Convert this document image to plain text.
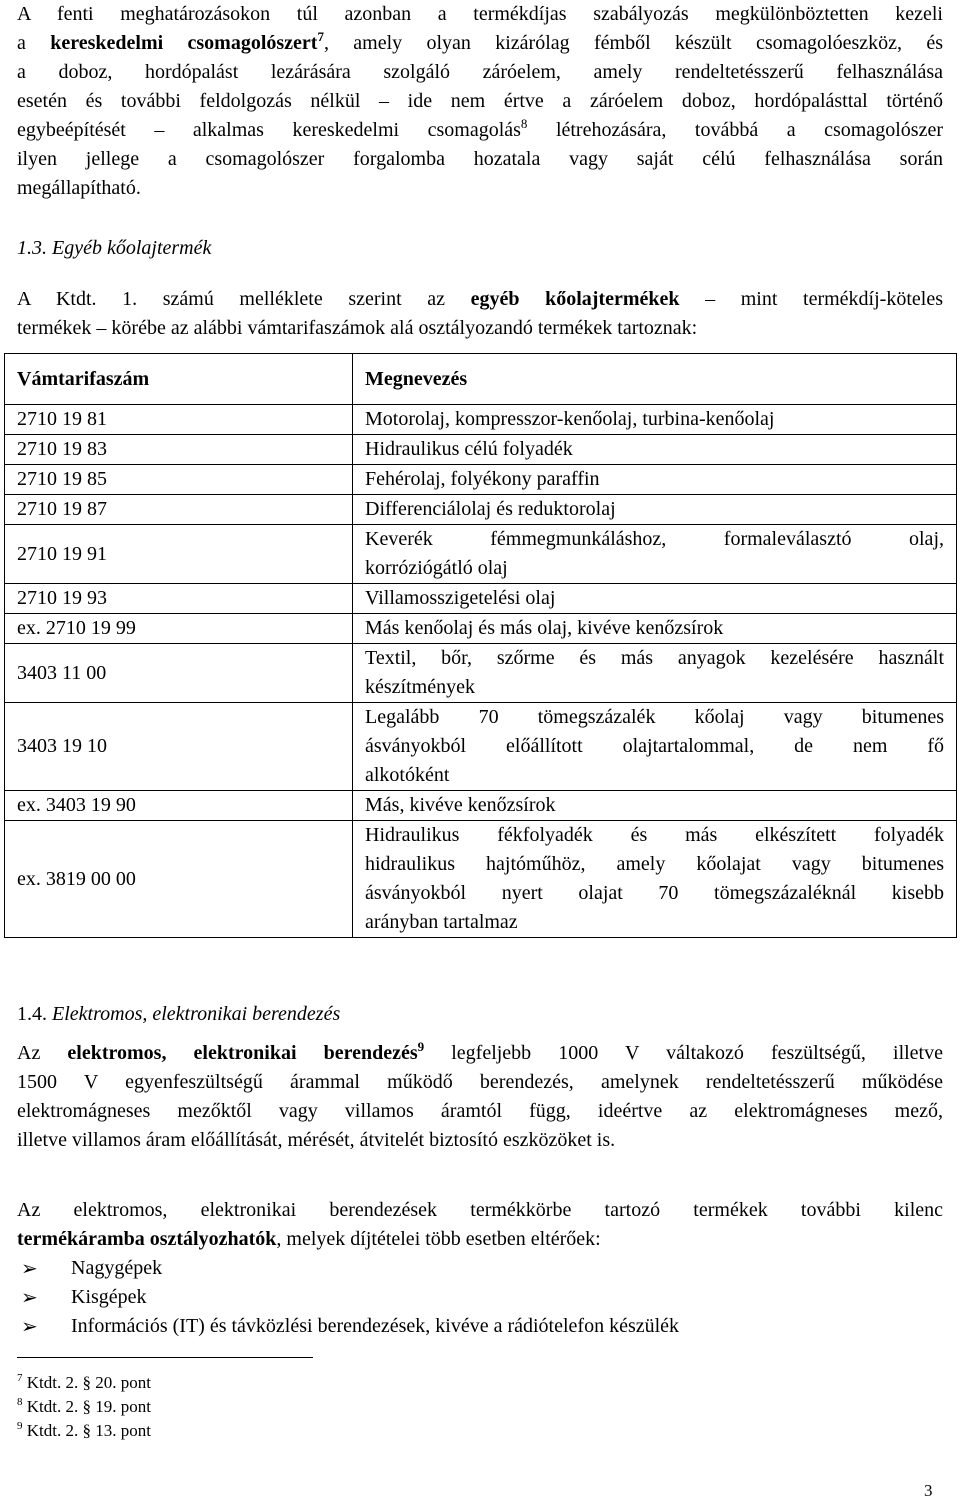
A fenti meghatározásokon túl azonban a termékdíjas szabályozás megkülönböztetten kezeli
a kereskedelmi csomagolószert$^7$, amely olyan kizárólag fémből készült csomagolóeszköz, és
a doboz, hordópalást lezárására szolgáló záróelem, amely rendeltetésszerű felhasználása
esetén és további feldolgozás nélkül – ide nem értve a záróelem doboz, hordópalásttal történő
egybeépítését – alkalmas kereskedelmi csomagolás$^8$ létrehozására, továbbá a csomagolószer
ilyen jellege a csomagolószer forgalomba hozatala vagy saját célú felhasználása során
megállapítható.
1.3. Egyéb kőolajtermék
A Ktdt. 1. számú melléklete szerint az egyéb kőolajtermékek – mint termékdíj-köteles
termékek – körébe az alábbi vámtarifaszámok alá osztályozandó termékek tartoznak:
1.4. Elektromos, elektronikai berendezés
Az elektromos, elektronikai berendezés$^9$ legfeljebb 1000 V váltakozó feszültségű, illetve
1500 V egyenfeszültségű árammal működő berendezés, amelynek rendeltetésszerű működése
elektromágneses mezőktől vagy villamos áramtól függ, ideértve az elektromágneses mező,
illetve villamos áram előállítását, mérését, átvitelét biztosító eszközöket is.
Az elektromos, elektronikai berendezések termékkörbe tartozó termékek további kilenc
termékáramba osztályozhatók, melyek díjtételei több esetben eltérőek:
➢	Nagygépek
➢	Kisgépek
➢	Információs (IT) és távközlési berendezések, kivéve a rádiótelefon készülék
$^7$ Ktdt. 2. § 20. pont
$^8$ Ktdt. 2. § 19. pont
$^9$ Ktdt. 2. § 13. pont
Vámtarifaszám	Megnevezés
2710 19 81	Motorolaj, kompresszor-kenőolaj, turbina-kenőolaj

2710 19 83	Hidraulikus célú folyadék

2710 19 85	Fehérolaj, folyékony paraffin

2710 19 87	Differenciálolaj és reduktorolaj

2710 19 91	Keverék fémmegmunkáláshoz, formaleválasztó olaj,
korróziógátló olaj

2710 19 93	Villamosszigetelési olaj

ex. 2710 19 99	Más kenőolaj és más olaj, kivéve kenőzsírok

3403 11 00	Textil, bőr, szőrme és más anyagok kezelésére használt
készítmények

3403 19 10	Legalább 70 tömegszázalék kőolaj vagy bitumenes
ásványokból előállított olajtartalommal, de nem fő
alkotóként

ex. 3403 19 90	Más, kivéve kenőzsírok

ex. 3819 00 00	Hidraulikus fékfolyadék és más elkészített folyadék
hidraulikus hajtóműhöz, amely kőolajat vagy bitumenes
ásványokból nyert olajat 70 tömegszázaléknál kisebb
arányban tartalmaz
3
